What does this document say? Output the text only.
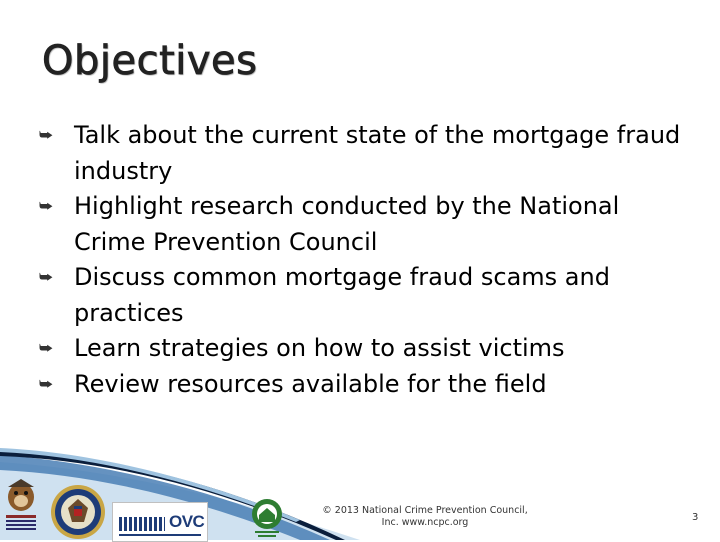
Objectives
⮩ Talk about the current state of the mortgage fraud industry
⮩ Highlight research conducted by the National Crime Prevention Council
⮩ Discuss common mortgage fraud scams and practices
⮩ Learn strategies on how to assist victims
⮩ Review resources available for the field
OVC
© 2013 National Crime Prevention Council,
Inc. www.ncpc.org	3
